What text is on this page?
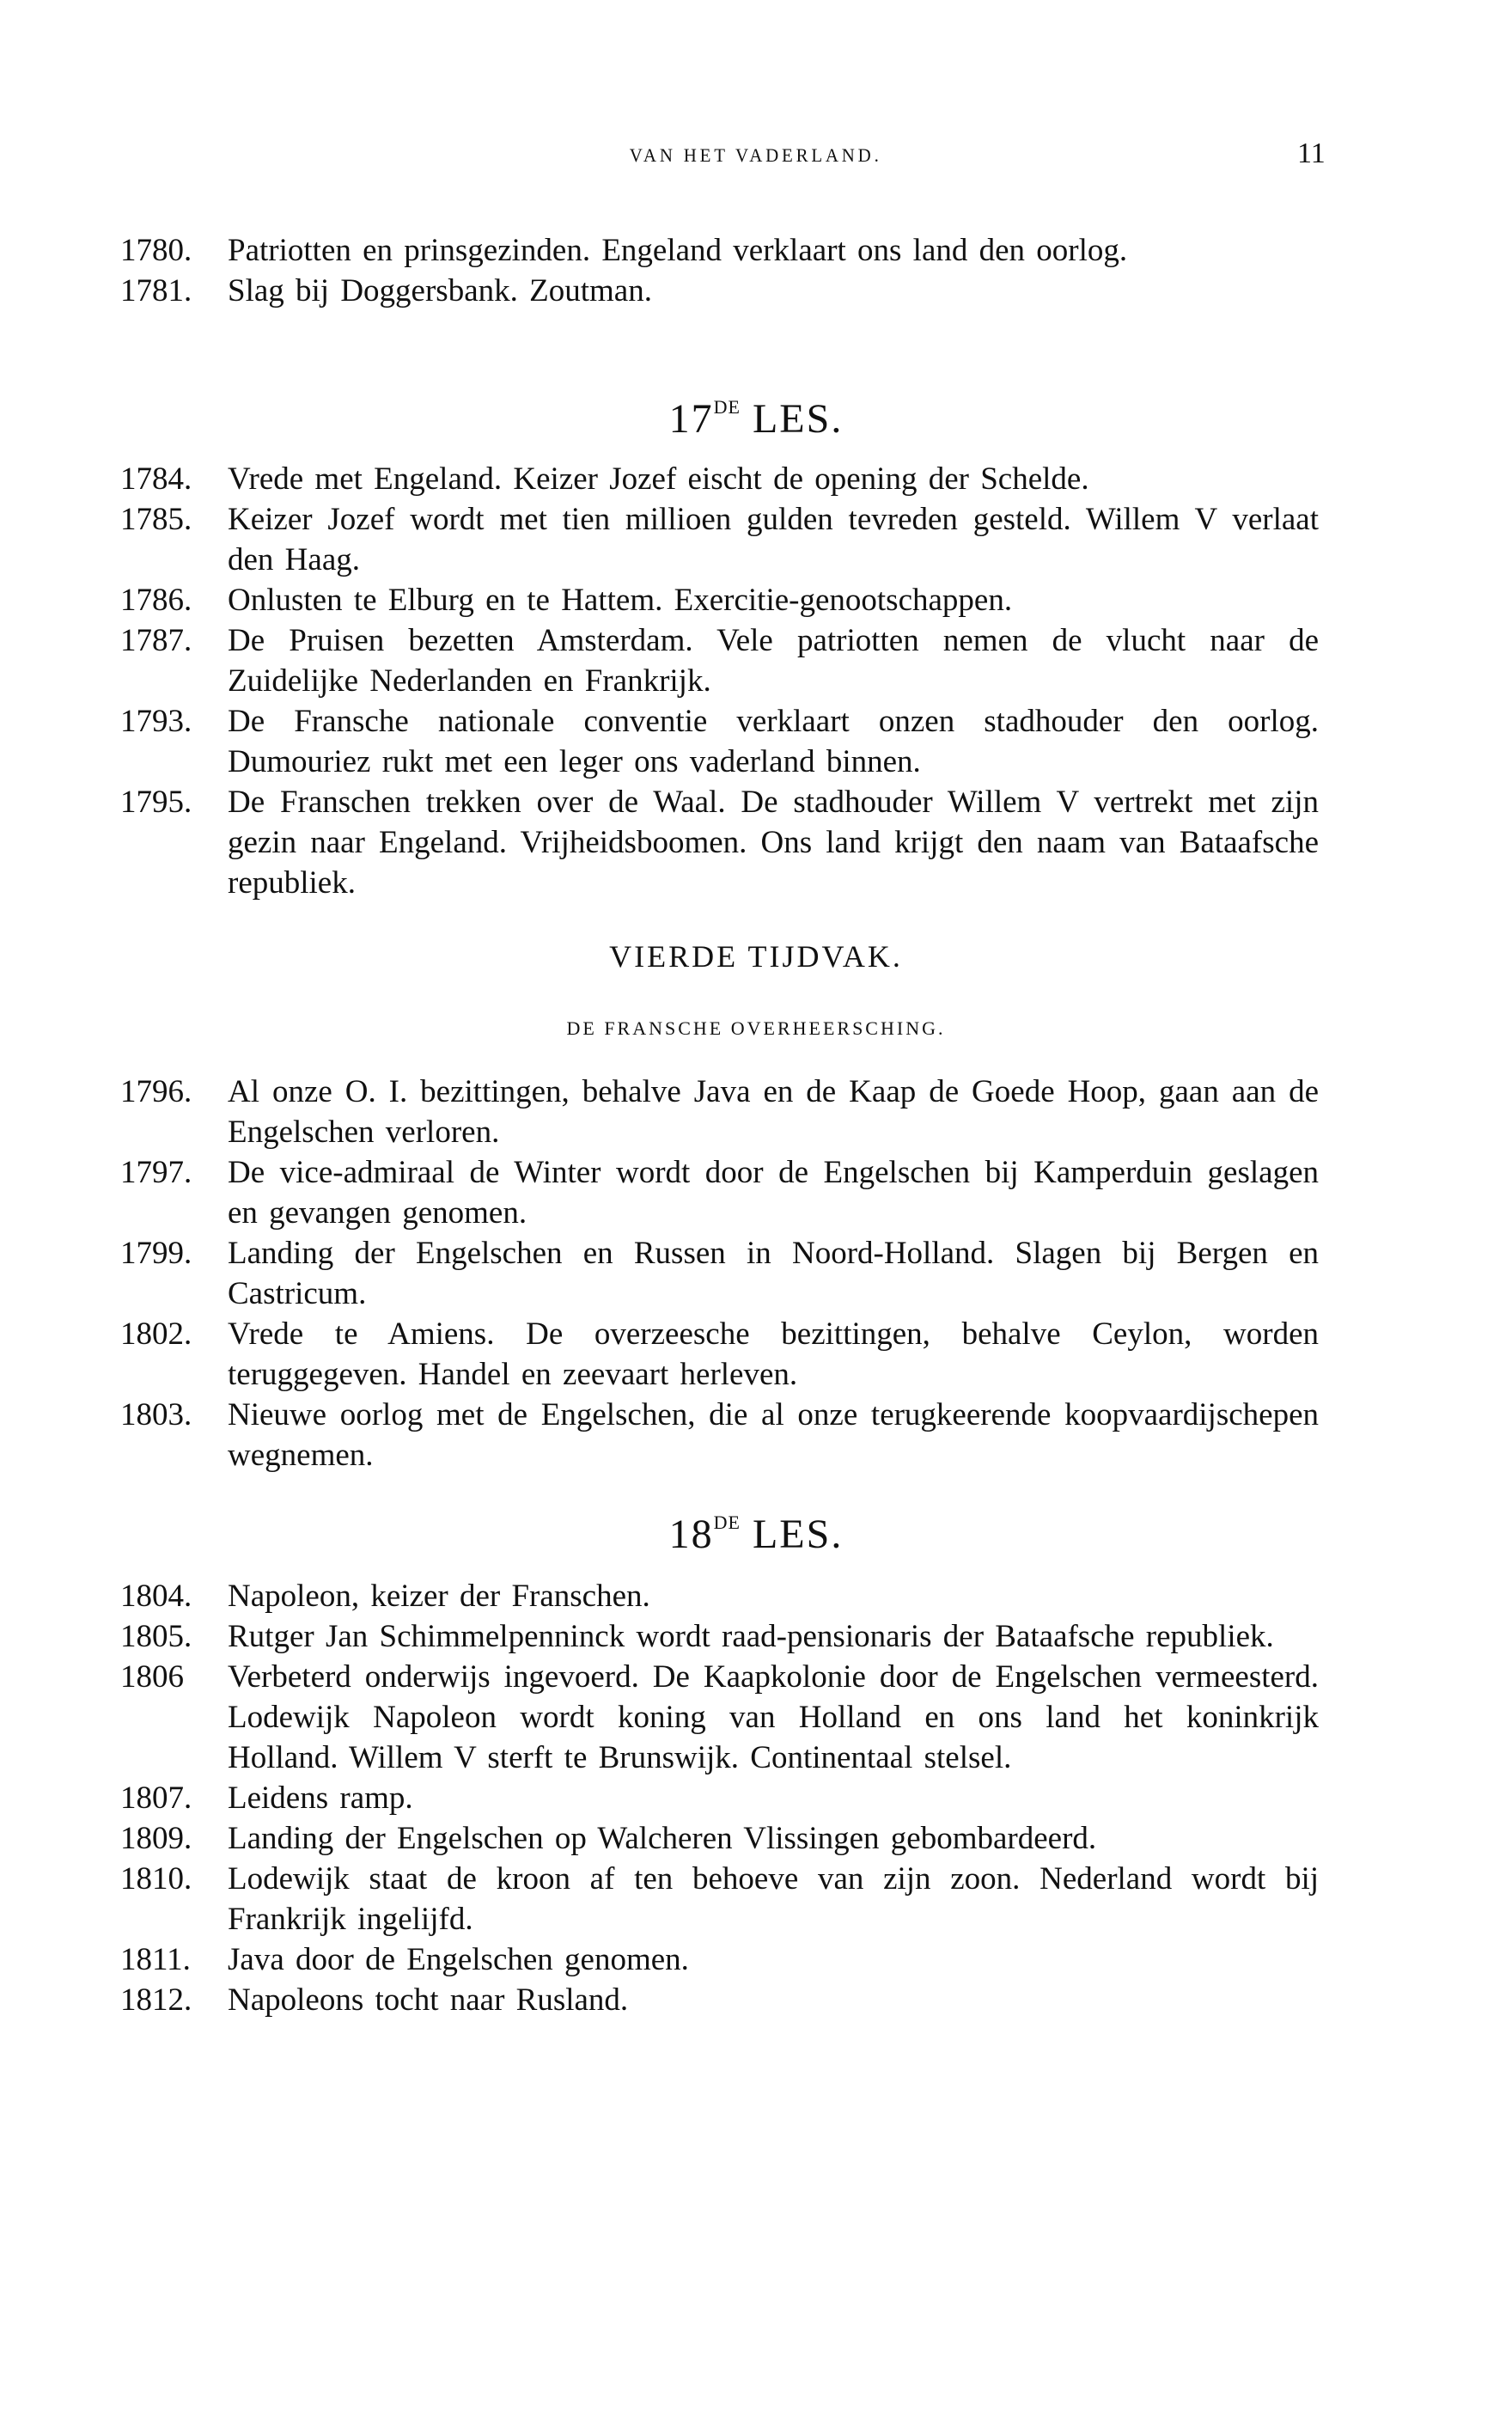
VAN HET VADERLAND.	11
1780.	Patriotten en prinsgezinden. Engeland verklaart ons land den oorlog.
1781.	Slag bij Doggersbank. Zoutman.
17DE LES.
1784.	Vrede met Engeland. Keizer Jozef eischt de opening der Schelde.
1785.	Keizer Jozef wordt met tien millioen gulden tevreden gesteld. Willem V verlaat den Haag.
1786.	Onlusten te Elburg en te Hattem. Exercitie-genootschappen.
1787.	De Pruisen bezetten Amsterdam. Vele patriotten nemen de vlucht naar de Zuidelijke Nederlanden en Frankrijk.
1793.	De Fransche nationale conventie verklaart onzen stadhouder den oorlog. Dumouriez rukt met een leger ons vaderland binnen.
1795.	De Franschen trekken over de Waal. De stadhouder Willem V vertrekt met zijn gezin naar Engeland. Vrijheidsboomen. Ons land krijgt den naam van Bataafsche republiek.
VIERDE TIJDVAK.
DE FRANSCHE OVERHEERSCHING.
1796.	Al onze O. I. bezittingen, behalve Java en de Kaap de Goede Hoop, gaan aan de Engelschen verloren.
1797.	De vice-admiraal de Winter wordt door de Engelschen bij Kamperduin geslagen en gevangen genomen.
1799.	Landing der Engelschen en Russen in Noord-Holland. Slagen bij Bergen en Castricum.
1802.	Vrede te Amiens. De overzeesche bezittingen, behalve Ceylon, worden teruggegeven. Handel en zeevaart herleven.
1803.	Nieuwe oorlog met de Engelschen, die al onze terugkeerende koopvaardijschepen wegnemen.
18DE LES.
1804.	Napoleon, keizer der Franschen.
1805.	Rutger Jan Schimmelpenninck wordt raad-pensionaris der Bataafsche republiek.
1806	Verbeterd onderwijs ingevoerd. De Kaapkolonie door de Engelschen vermeesterd. Lodewijk Napoleon wordt koning van Holland en ons land het koninkrijk Holland. Willem V sterft te Brunswijk. Continentaal stelsel.
1807.	Leidens ramp.
1809.	Landing der Engelschen op Walcheren Vlissingen gebombardeerd.
1810.	Lodewijk staat de kroon af ten behoeve van zijn zoon. Nederland wordt bij Frankrijk ingelijfd.
1811.	Java door de Engelschen genomen.
1812.	Napoleons tocht naar Rusland.
